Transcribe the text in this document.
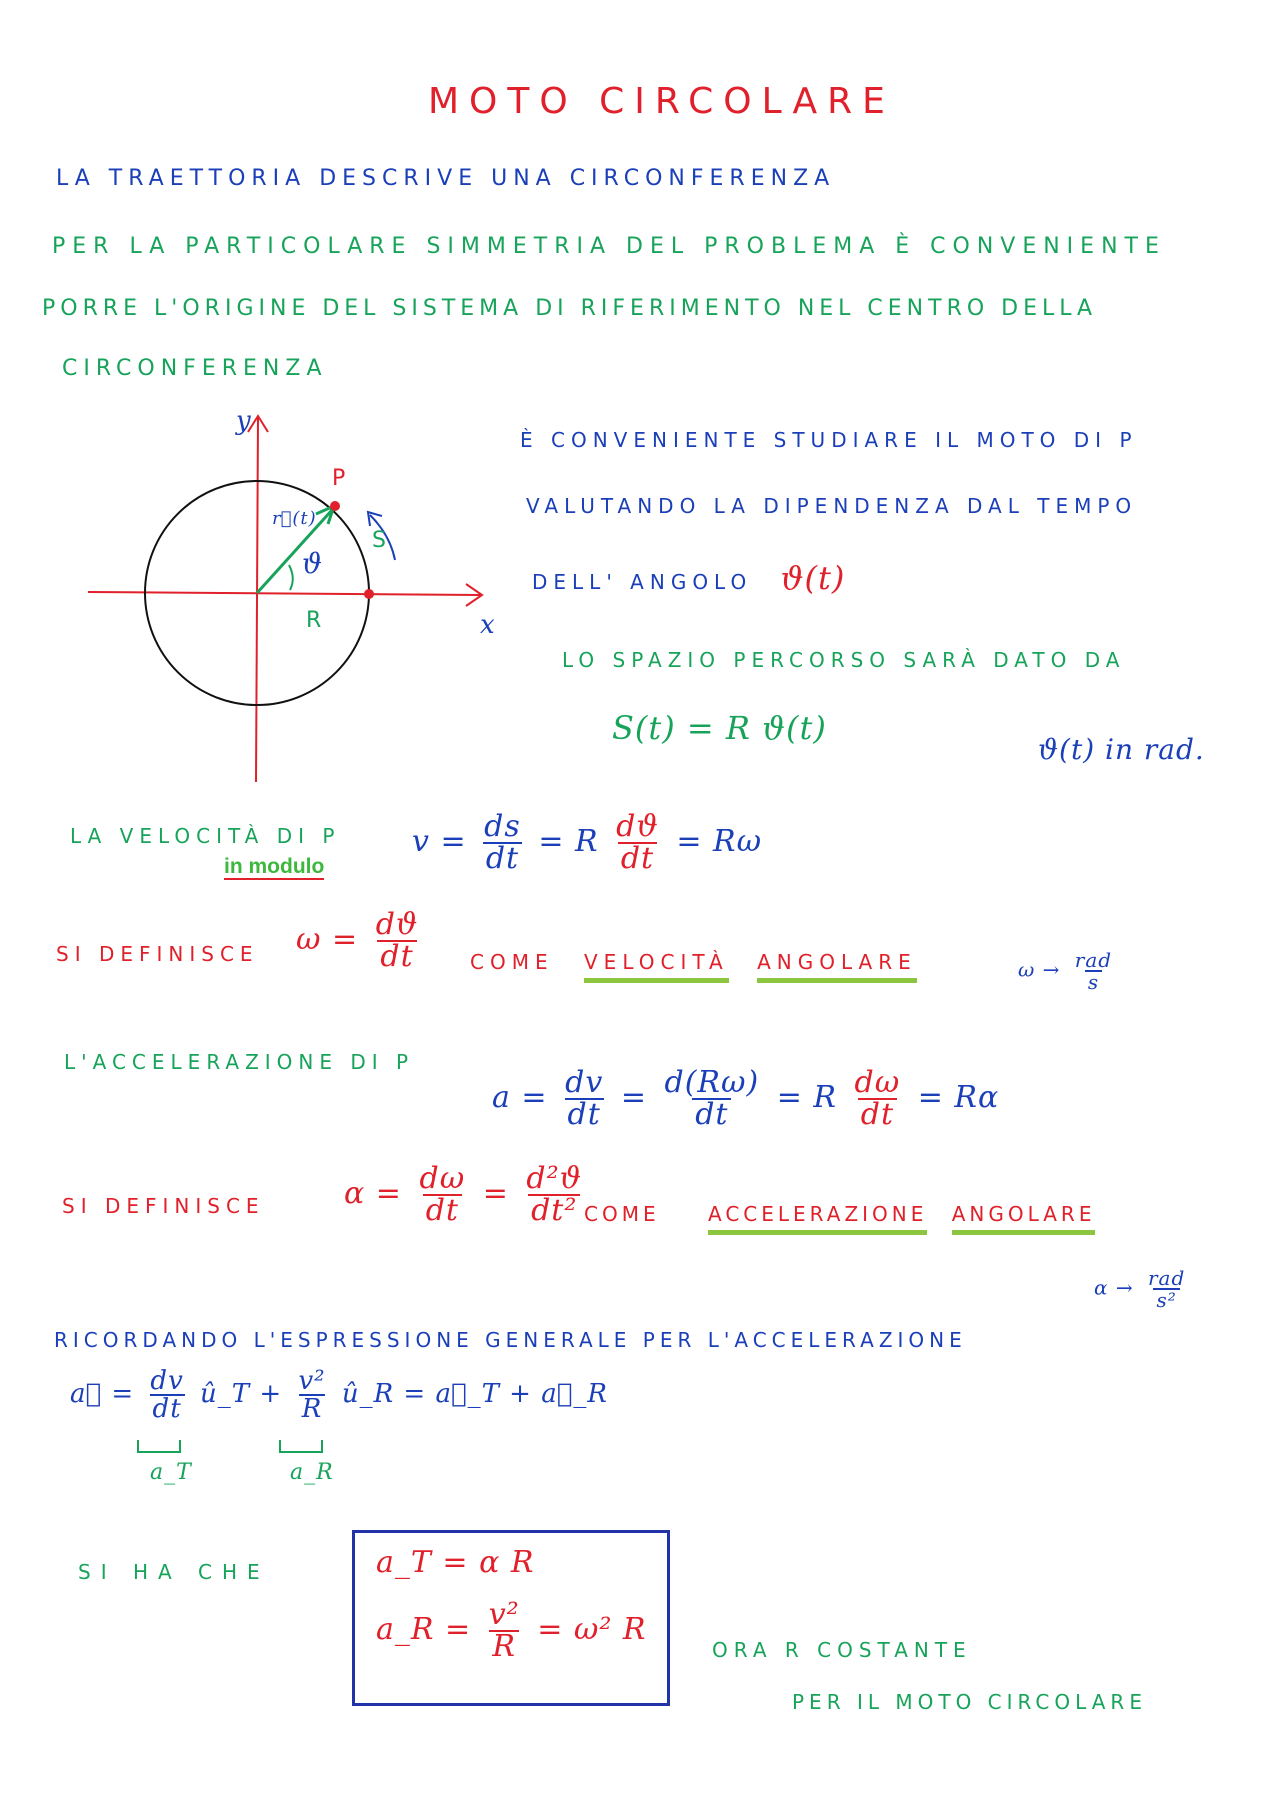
MOTO CIRCOLARE
LA TRAETTORIA DESCRIVE UNA CIRCONFERENZA
PER LA PARTICOLARE SIMMETRIA DEL PROBLEMA È CONVENIENTE
PORRE L'ORIGINE DEL SISTEMA DI RIFERIMENTO NEL CENTRO DELLA
CIRCONFERENZA
y
x
P
r⃗(t)
ϑ
R
S
È CONVENIENTE STUDIARE IL MOTO DI P
VALUTANDO LA DIPENDENZA DAL TEMPO
DELL' ANGOLO ϑ(t)
LO SPAZIO PERCORSO SARÀ DATO DA
S(t) = R ϑ(t)
ϑ(t) in rad.
LA VELOCITÀ DI P
in modulo
$v = \frac{ds}{dt} = R \frac{dϑ}{dt} = R\omega$
SI DEFINISCE $\omega = \frac{dϑ}{dt}$ COME VELOCITÀ ANGOLARE	$\omega \to \frac{\text{rad}}{s}$
L'ACCELERAZIONE DI P
$a = \frac{dv}{dt} = \frac{d(R\omega)}{dt} = R \frac{d\omega}{dt} = R\alpha$
SI DEFINISCE	$\alpha = \frac{d\omega}{dt} = \frac{\text{d²ϑ}}{\text{dt²}}$
COME ACCELERAZIONE ANGOLARE
$\alpha \to \frac{\text{rad}}{\text{s²}}$
RICORDANDO L'ESPRESSIONE GENERALE PER L'ACCELERAZIONE
a⃗ = $\frac{dv}{dt}$ û_T + $\frac{\text{v²}}{R}$ û_R = a⃗_T + a⃗_R
a_T	a_R
SI HA CHE	a_T = α R
a_R = $\frac{\text{v²}}{R} = \omega^2$ R
ORA R COSTANTE
PER IL MOTO CIRCOLARE
